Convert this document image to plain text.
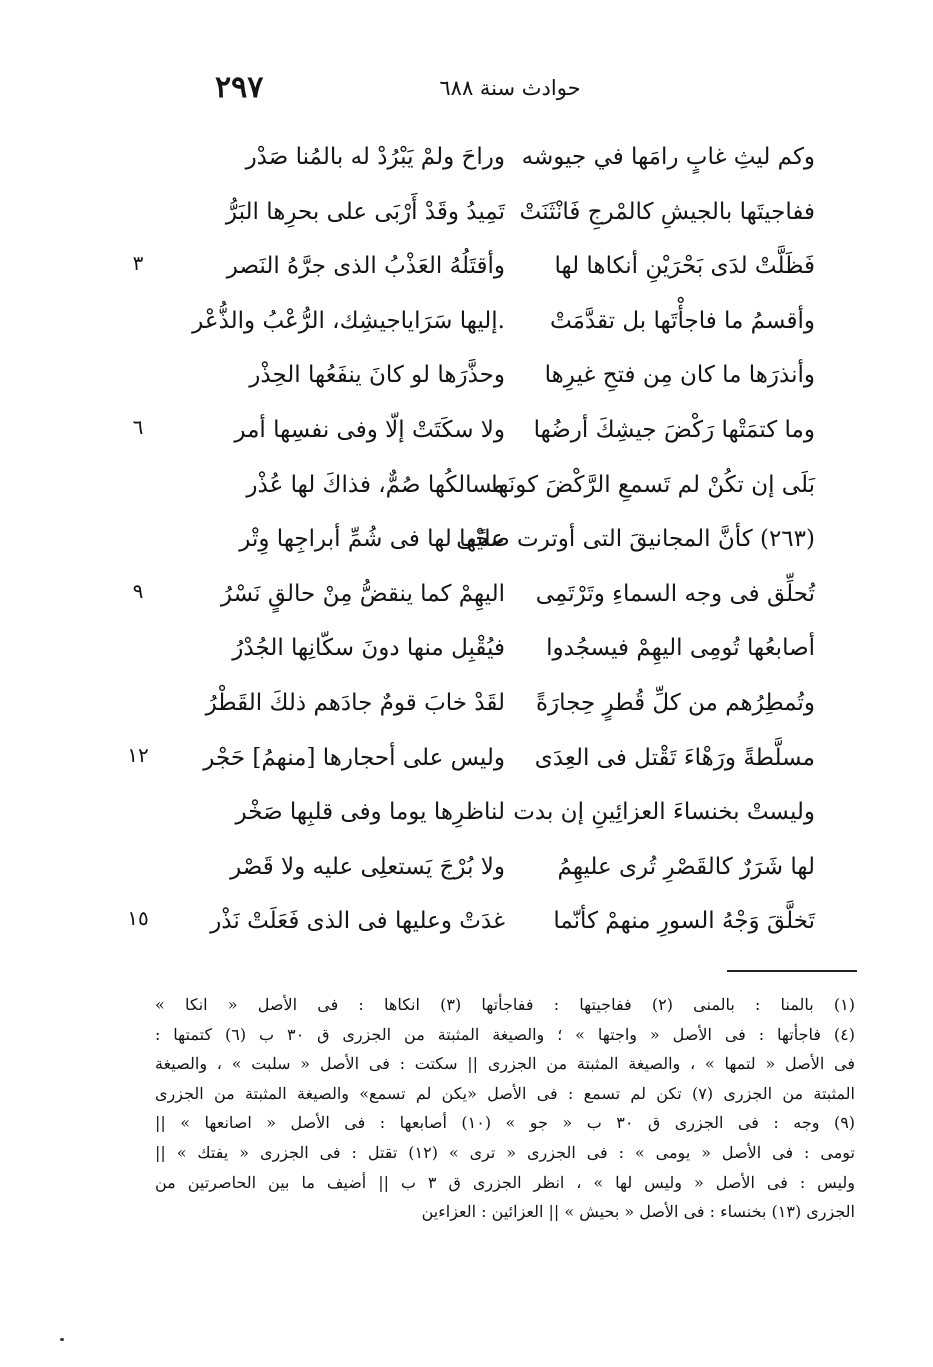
٢٩٧	حوادث سنة ٦٨٨
وكم ليثِ غابٍ رامَها في جيوشه
وراحَ ولمْ يَبْرُدْ له بالمُنا صَدْر
ففاجيتَها بالجيشِ كالمْرجِ فَانْثَنَتْ
تَمِيدُ وقَدْ أَرْبَى على بحرِها البَرُّ
فَظَلَّتْ لدَى بَحْرَيْنِ أنكاها لها
وأقتَلُهُ العَذْبُ الذى جرَّهُ النَصر
٣
وأقسمُ ما فاجأْتَها بل تقدَّمَتْ
.إليها سَرَاياجيشِك، الرُّعْبُ والذُّعْر
وأنذرَها ما كان مِن فتحِ غيرِها
وحذَّرَها لو كانَ ينفَعُها الحِذْر
وما كتمَتْها رَكْضَ جيشِكَ أرضُها
ولا سكَتَتْ إلّا وفى نفسِها أمر
٦
بَلَى إن تكُنْ لم تَسمعِ الرَّكْضَ كونَها
مسالكُها صُمٌّ، فذاكَ لها عُذْر
(٢٦٣) كأنَّ المجانيقَ التى أوترت ضحًى
عليْها لها فى شُمِّ أبراجِها وِتْر
تُحلِّق فى وجه السماءِ وتَرْتَمِى
اليهِمْ كما ينقضُّ مِنْ حالقٍ نَسْرُ
٩
أصابعُها تُومِى اليهِمْ فيسجُدوا
فيُقْبِل منها دونَ سكّانِها الجُدْرُ
وتُمطِرُهم من كلِّ قُطرٍ حِجارَةً
لقَدْ خابَ قومٌ جادَهم ذلكَ القَطْرُ
مسلَّطةً ورَهْاءَ تَقْتل فى العِدَى
وليس على أحجارها [منهمُ] حَجْر
١٢
وليستْ بخنساءَ العزائِينِ إن بدت
لناظرِها يوما وفى قلبِها صَخْر
لها شَرَرٌ كالقَصْرِ تُرى عليهِمُ
ولا بُرْجَ يَستعلِى عليه ولا قَصْر
تَخلَّقَ وَجْهُ السورِ منهمْ كأنّما
غدَتْ وعليها فى الذى فَعَلَتْ نَذْر
١٥
(١) بالمنا : بالمنى (٢) ففاجيتها : ففاجأتها (٣) انكاها : فى الأصل « انكا »
(٤) فاجأتها : فى الأصل « واجتها » ؛ والصيغة المثبتة من الجزرى ق ٣٠ ب (٦) كتمتها :
فى الأصل « لتمها » ، والصيغة المثبتة من الجزرى || سكتت : فى الأصل « سلبت » ، والصيغة
المثبتة من الجزرى (٧) تكن لم تسمع : فى الأصل «يكن لم تسمع» والصيغة المثبتة من الجزرى
(٩) وجه : فى الجزرى ق ٣٠ ب « جو » (١٠) أصابعها : فى الأصل « اصانعها » ||
تومى : فى الأصل « يومى » : فى الجزرى « ترى » (١٢) تقتل : فى الجزرى « يفتك » ||
وليس : فى الأصل « وليس لها » ، انظر الجزرى ق ٣ ب || أضيف ما بين الحاصرتين من
الجزرى (١٣) بخنساء : فى الأصل « بحيش » || العزائين : العزاءين
